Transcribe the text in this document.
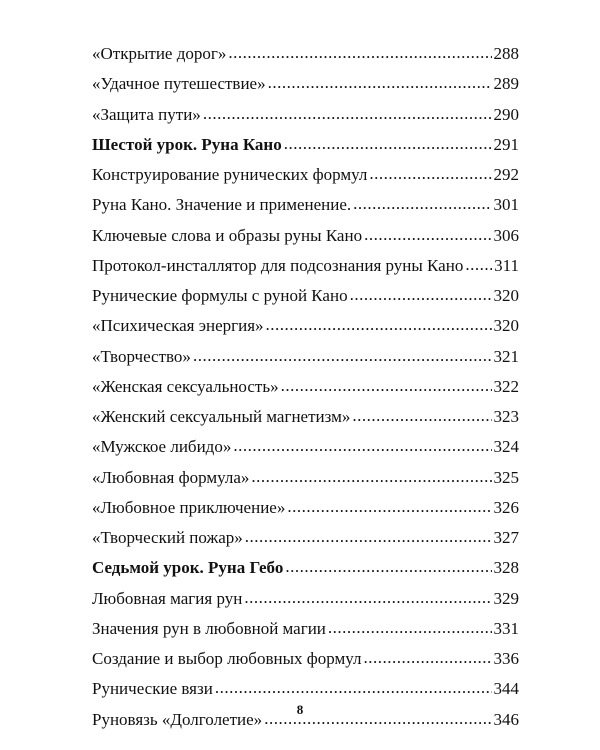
«Открытие дорог» .....	288
«Удачное путешествие» .....	289
«Защита пути» .....	290
Шестой урок. Руна Кано .....	291
Конструирование рунических формул .....	292
Руна Кано. Значение и применение. .....	301
Ключевые слова и образы руны Кано .....	306
Протокол-инсталлятор для подсознания руны Кано ..... 311
Рунические формулы с руной Кано .....	320
«Психическая энергия» .....	320
«Творчество» .....	321
«Женская сексуальность» .....	322
«Женский сексуальный магнетизм» .....	323
«Мужское либидо» .....	324
«Любовная формула» .....	325
«Любовное приключение» .....	326
«Творческий пожар» .....	327
Седьмой урок. Руна Гебо .....	328
Любовная магия рун .....	329
Значения рун в любовной магии .....	331
Создание и выбор любовных формул .....	336
Рунические вязи .....	344
Руновязь «Долголетие» .....	346
8
